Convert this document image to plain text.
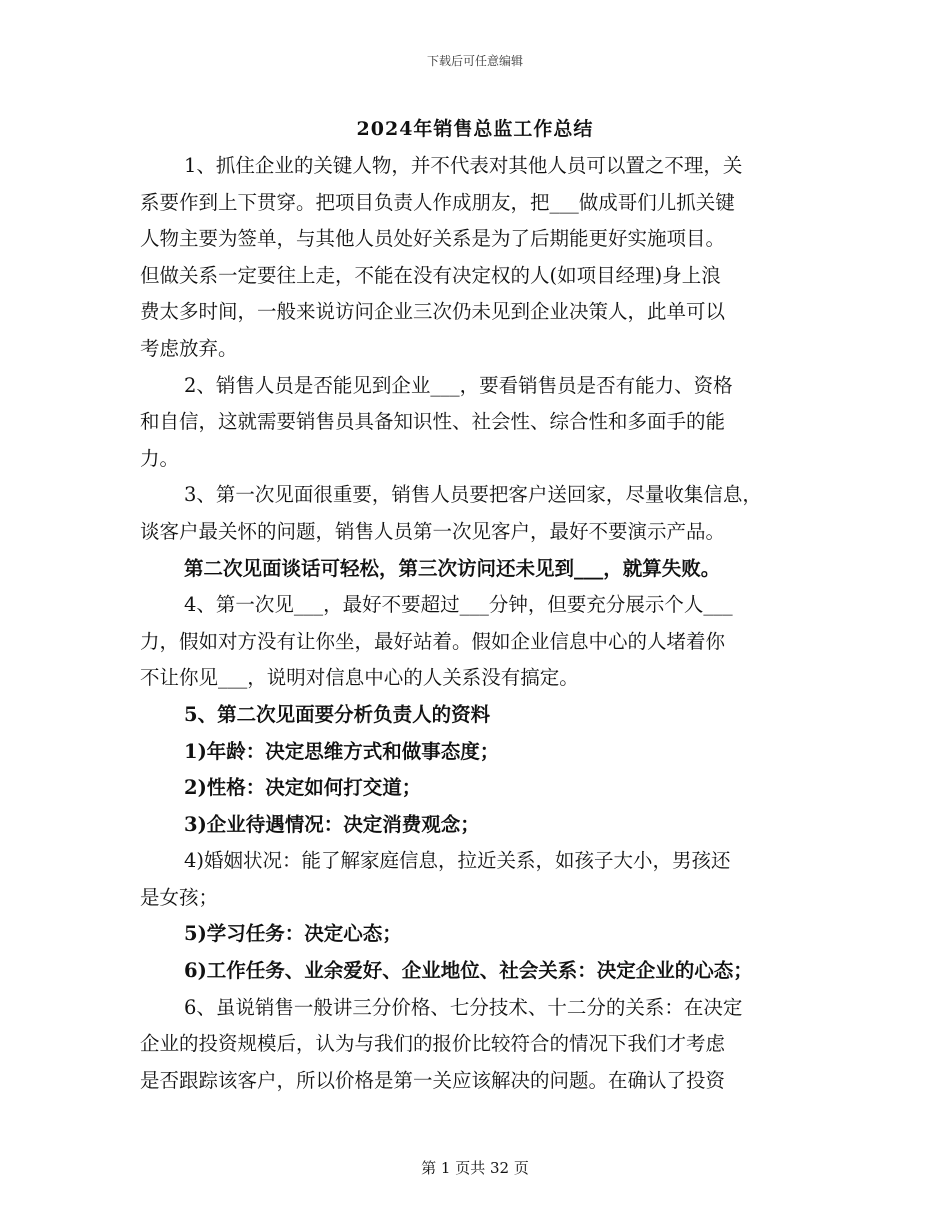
下载后可任意编辑
2024年销售总监工作总结
1、抓住企业的关键人物，并不代表对其他人员可以置之不理，关
系要作到上下贯穿。把项目负责人作成朋友，把___做成哥们儿抓关键
人物主要为签单，与其他人员处好关系是为了后期能更好实施项目。
但做关系一定要往上走，不能在没有决定权的人(如项目经理)身上浪
费太多时间，一般来说访问企业三次仍未见到企业决策人，此单可以
考虑放弃。
2、销售人员是否能见到企业___，要看销售员是否有能力、资格
和自信，这就需要销售员具备知识性、社会性、综合性和多面手的能
力。
3、第一次见面很重要，销售人员要把客户送回家，尽量收集信息，
谈客户最关怀的问题，销售人员第一次见客户，最好不要演示产品。
第二次见面谈话可轻松，第三次访问还未见到___，就算失败。
4、第一次见___，最好不要超过___分钟，但要充分展示个人___
力，假如对方没有让你坐，最好站着。假如企业信息中心的人堵着你
不让你见___，说明对信息中心的人关系没有搞定。
5、第二次见面要分析负责人的资料
1)年龄：决定思维方式和做事态度；
2)性格：决定如何打交道；
3)企业待遇情况：决定消费观念；
4)婚姻状况：能了解家庭信息，拉近关系，如孩子大小，男孩还
是女孩；
5)学习任务：决定心态；
6)工作任务、业余爱好、企业地位、社会关系：决定企业的心态；
6、虽说销售一般讲三分价格、七分技术、十二分的关系：在决定
企业的投资规模后，认为与我们的报价比较符合的情况下我们才考虑
是否跟踪该客户，所以价格是第一关应该解决的问题。在确认了投资
第 1 页共 32 页
